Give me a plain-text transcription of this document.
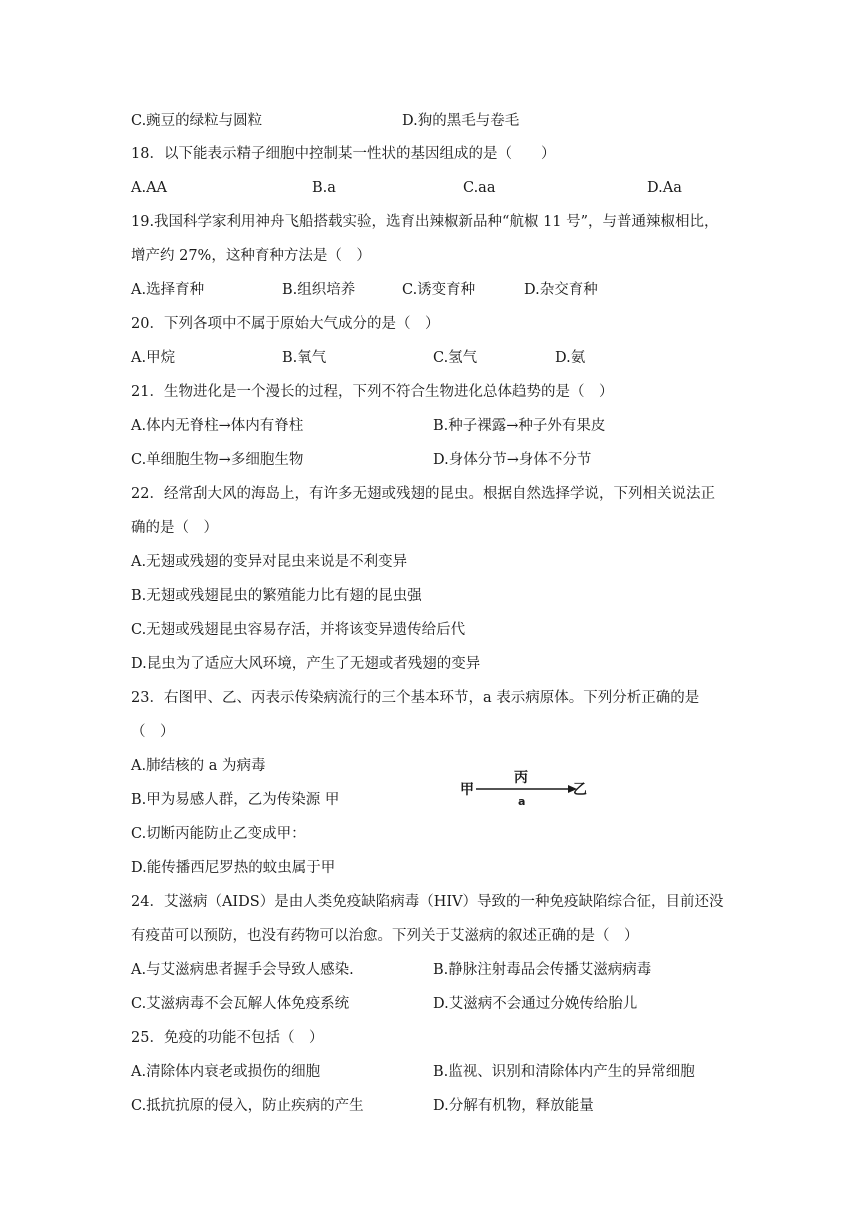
C.豌豆的绿粒与圆粒	D.狗的黑毛与卷毛
18．以下能表示精子细胞中控制某一性状的基因组成的是（　　）
A.AA	B.a	C.aa	D.Aa
19.我国科学家利用神舟飞船搭载实验，选育出辣椒新品种“航椒 11 号”，与普通辣椒相比，
增产约 27%，这种育种方法是（　）
A.选择育种	B.组织培养	C.诱变育种	D.杂交育种
20．下列各项中不属于原始大气成分的是（　）
A.甲烷	B.氧气	C.氢气	D.氨
21．生物进化是一个漫长的过程，下列不符合生物进化总体趋势的是（　）
A.体内无脊柱→体内有脊柱	B.种子裸露→种子外有果皮
C.单细胞生物→多细胞生物	D.身体分节→身体不分节
22．经常刮大风的海岛上，有许多无翅或残翅的昆虫。根据自然选择学说，下列相关说法正
确的是（　）
A.无翅或残翅的变异对昆虫来说是不利变异
B.无翅或残翅昆虫的繁殖能力比有翅的昆虫强
C.无翅或残翅昆虫容易存活，并将该变异遗传给后代
D.昆虫为了适应大风环境，产生了无翅或者残翅的变异
23．右图甲、乙、丙表示传染病流行的三个基本环节，a 表示病原体。下列分析正确的是
（　）
A.肺结核的 a 为病毒
B.甲为易感人群，乙为传染源 甲
C.切断丙能防止乙变成甲：
D.能传播西尼罗热的蚊虫属于甲
甲
丙
a
乙
24．艾滋病（AIDS）是由人类免疫缺陷病毒（HIV）导致的一种免疫缺陷综合征，目前还没
有疫苗可以预防，也没有药物可以治愈。下列关于艾滋病的叙述正确的是（　）
A.与艾滋病患者握手会导致人感染.	B.静脉注射毒品会传播艾滋病病毒
C.艾滋病毒不会瓦解人体免疫系统	D.艾滋病不会通过分娩传给胎儿
25．免疫的功能不包括（　）
A.清除体内衰老或损伤的细胞	B.监视、识别和清除体内产生的异常细胞
C.抵抗抗原的侵入，防止疾病的产生	D.分解有机物，释放能量
